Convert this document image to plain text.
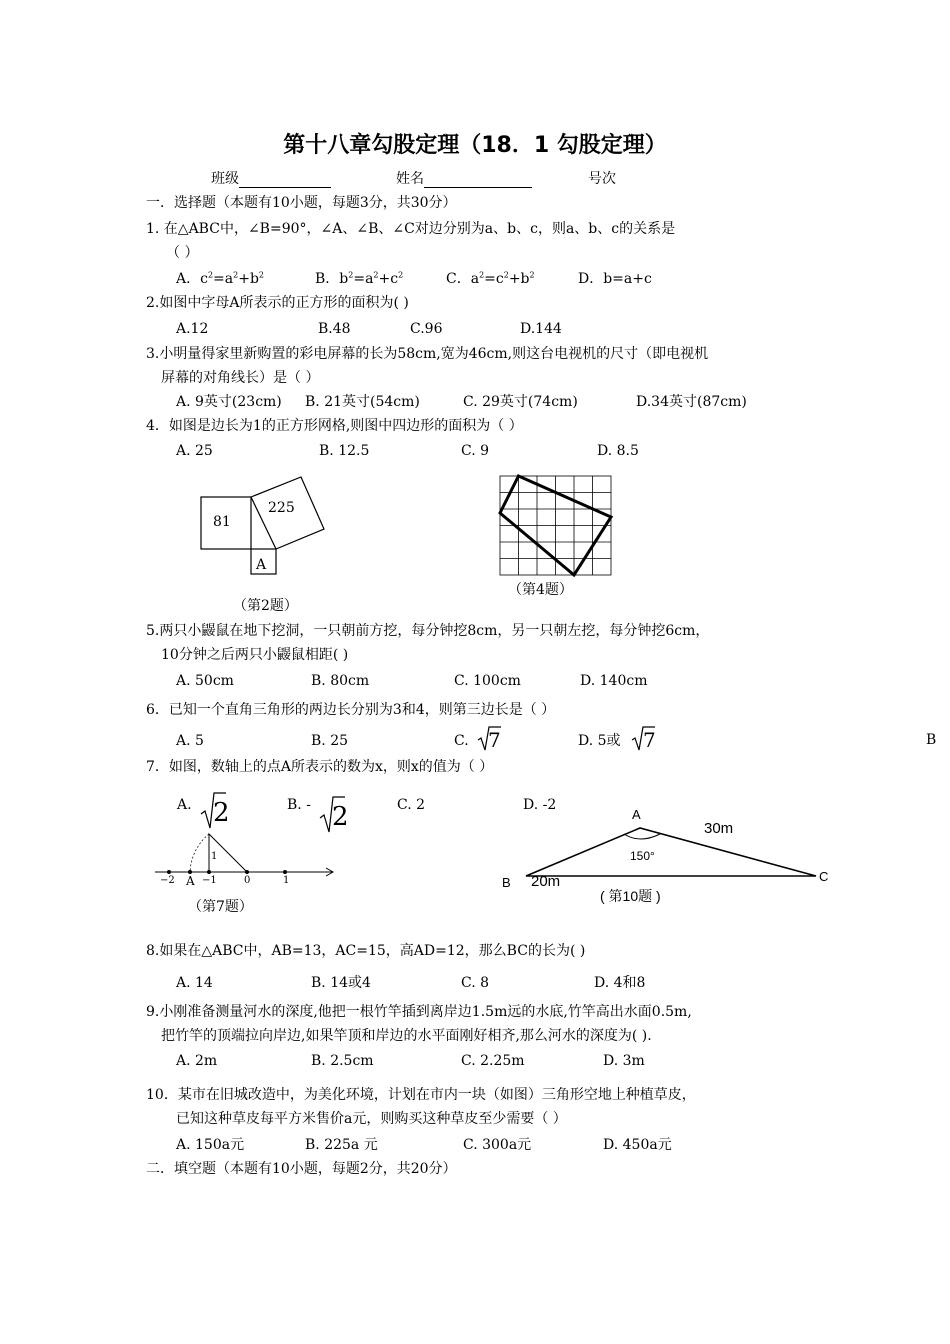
第十八章勾股定理（18．1 勾股定理）
班级	姓名	号次
一．选择题（本题有10小题，每题3分，共30分）
1. 在△ABC中，∠B=90°，∠A、∠B、∠C对边分别为a、b、c，则a、b、c的关系是
（ ）
A．$c^2=a^2+b^2$	B．$b^2=a^2+c^2$	C．$a^2=c^2+b^2$	D．b=a+c
2.如图中字母A所表示的正方形的面积为( )
A.12	B.48	C.96	D.144
3.小明量得家里新购置的彩电屏幕的长为58cm,宽为46cm,则这台电视机的尺寸（即电视机
屏幕的对角线长）是（ ）
A. 9英寸(23cm) B. 21英寸(54cm)	C. 29英寸(74cm)	D.34英寸(87cm)
4．如图是边长为1的正方形网格,则图中四边形的面积为（ ）
A. 25	B. 12.5	C. 9	D. 8.5
81
225
A
（第2题）
（第4题）
5.两只小鼹鼠在地下挖洞，一只朝前方挖，每分钟挖8cm，另一只朝左挖，每分钟挖6cm，
10分钟之后两只小鼹鼠相距( )
A. 50cm	B. 80cm	C. 100cm	D. 140cm
6．已知一个直角三角形的两边长分别为3和4，则第三边长是（ ）
A. 5	B. 25	C. 7	D. 5或 7	B
7．如图，数轴上的点A所表示的数为x，则x的值为（ ）
A. 2	B. - 2	C. 2	D. -2
−2 A −1	0	1
1
（第7题）
A
B	C
30m
20m
150°
( 第10题 )
8.如果在△ABC中，AB=13，AC=15，高AD=12，那么BC的长为( )
A. 14	B. 14或4	C. 8	D. 4和8
9.小刚准备测量河水的深度,他把一根竹竿插到离岸边1.5m远的水底,竹竿高出水面0.5m,
把竹竿的顶端拉向岸边,如果竿顶和岸边的水平面刚好相齐,那么河水的深度为( ).
A. 2m	B. 2.5cm	C. 2.25m	D. 3m
10．某市在旧城改造中，为美化环境，计划在市内一块（如图）三角形空地上种植草皮，
已知这种草皮每平方米售价a元，则购买这种草皮至少需要（ ）
A. 150a元	B. 225a 元	C. 300a元	D. 450a元
二．填空题（本题有10小题，每题2分，共20分）
